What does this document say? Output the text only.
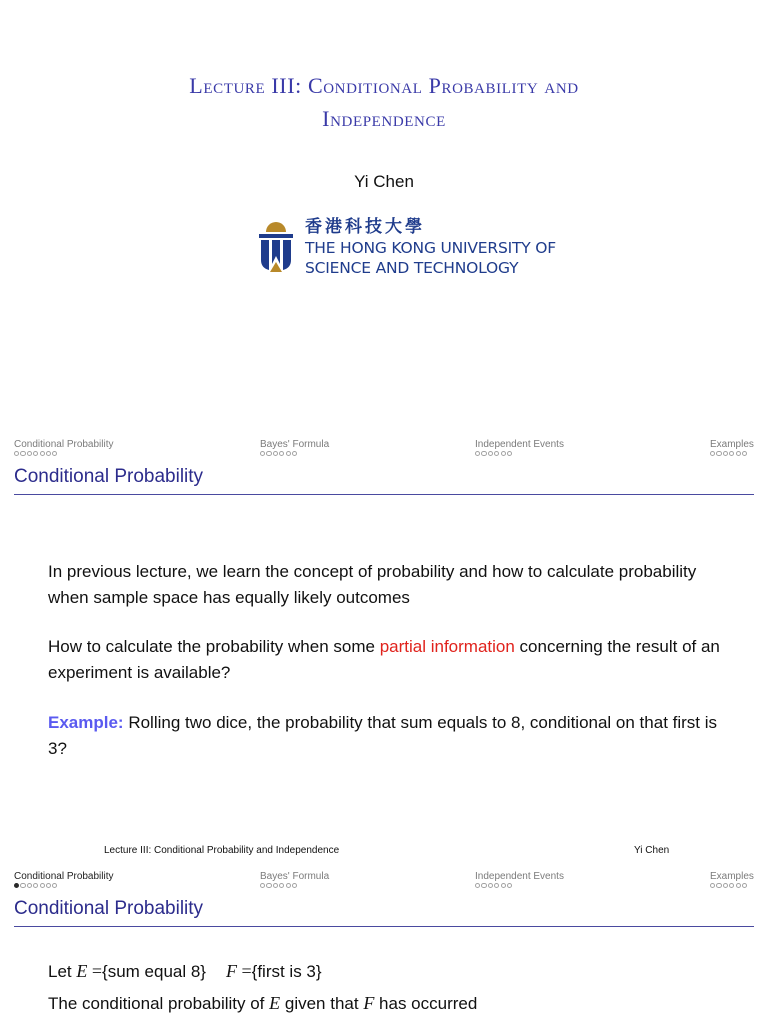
Lecture III: Conditional Probability and
Independence
Yi Chen
香港科技大學
THE HONG KONG UNIVERSITY OF
SCIENCE AND TECHNOLOGY
Conditional Probability	Bayes' Formula	Independent Events	Examples
Conditional Probability
In previous lecture, we learn the concept of probability and how to calculate probability when sample space has equally likely outcomes
How to calculate the probability when some partial information concerning the result of an experiment is available?
Example: Rolling two dice, the probability that sum equals to 8, conditional on that first is 3?
Lecture III: Conditional Probability and Independence	Yi Chen
Conditional Probability	Bayes' Formula	Independent Events	Examples
Conditional Probability
Let E ={sum equal 8} F ={first is 3}
The conditional probability of E given that F has occurred
